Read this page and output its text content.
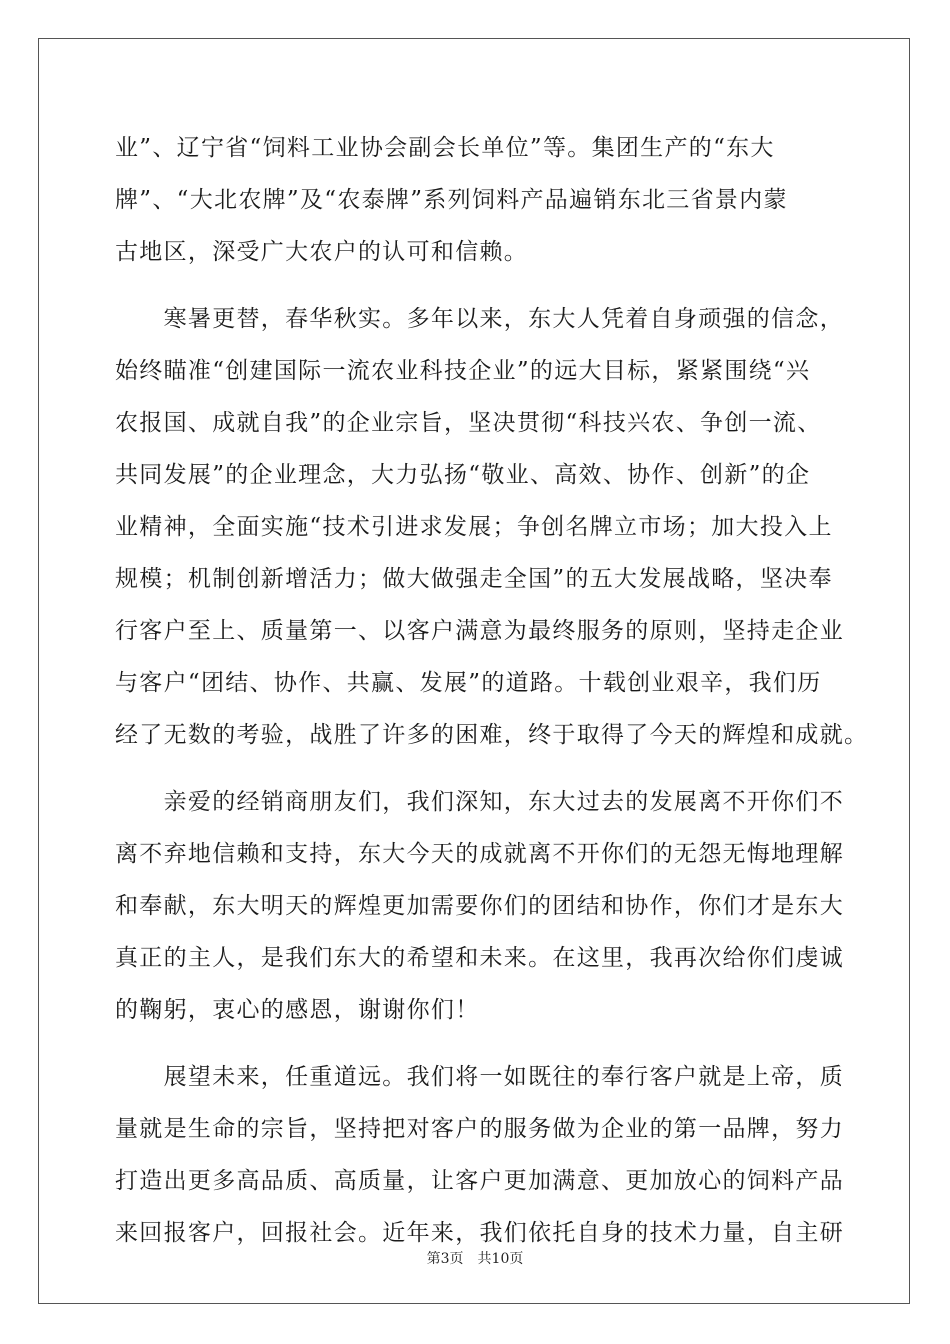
业”、辽宁省“饲料工业协会副会长单位”等。集团生产的“东大
牌”、“大北农牌”及“农泰牌”系列饲料产品遍销东北三省景内蒙
古地区，深受广大农户的认可和信赖。
　　寒暑更替，春华秋实。多年以来，东大人凭着自身顽强的信念，
始终瞄准“创建国际一流农业科技企业”的远大目标，紧紧围绕“兴
农报国、成就自我”的企业宗旨，坚决贯彻“科技兴农、争创一流、
共同发展”的企业理念，大力弘扬“敬业、高效、协作、创新”的企
业精神，全面实施“技术引进求发展；争创名牌立市场；加大投入上
规模；机制创新增活力；做大做强走全国”的五大发展战略，坚决奉
行客户至上、质量第一、以客户满意为最终服务的原则，坚持走企业
与客户“团结、协作、共赢、发展”的道路。十载创业艰辛，我们历
经了无数的考验，战胜了许多的困难，终于取得了今天的辉煌和成就。
　　亲爱的经销商朋友们，我们深知，东大过去的发展离不开你们不
离不弃地信赖和支持，东大今天的成就离不开你们的无怨无悔地理解
和奉献，东大明天的辉煌更加需要你们的团结和协作，你们才是东大
真正的主人，是我们东大的希望和未来。在这里，我再次给你们虔诚
的鞠躬，衷心的感恩，谢谢你们！
　　展望未来，任重道远。我们将一如既往的奉行客户就是上帝，质
量就是生命的宗旨，坚持把对客户的服务做为企业的第一品牌，努力
打造出更多高品质、高质量，让客户更加满意、更加放心的饲料产品
来回报客户，回报社会。近年来，我们依托自身的技术力量，自主研
第3页 共10页
